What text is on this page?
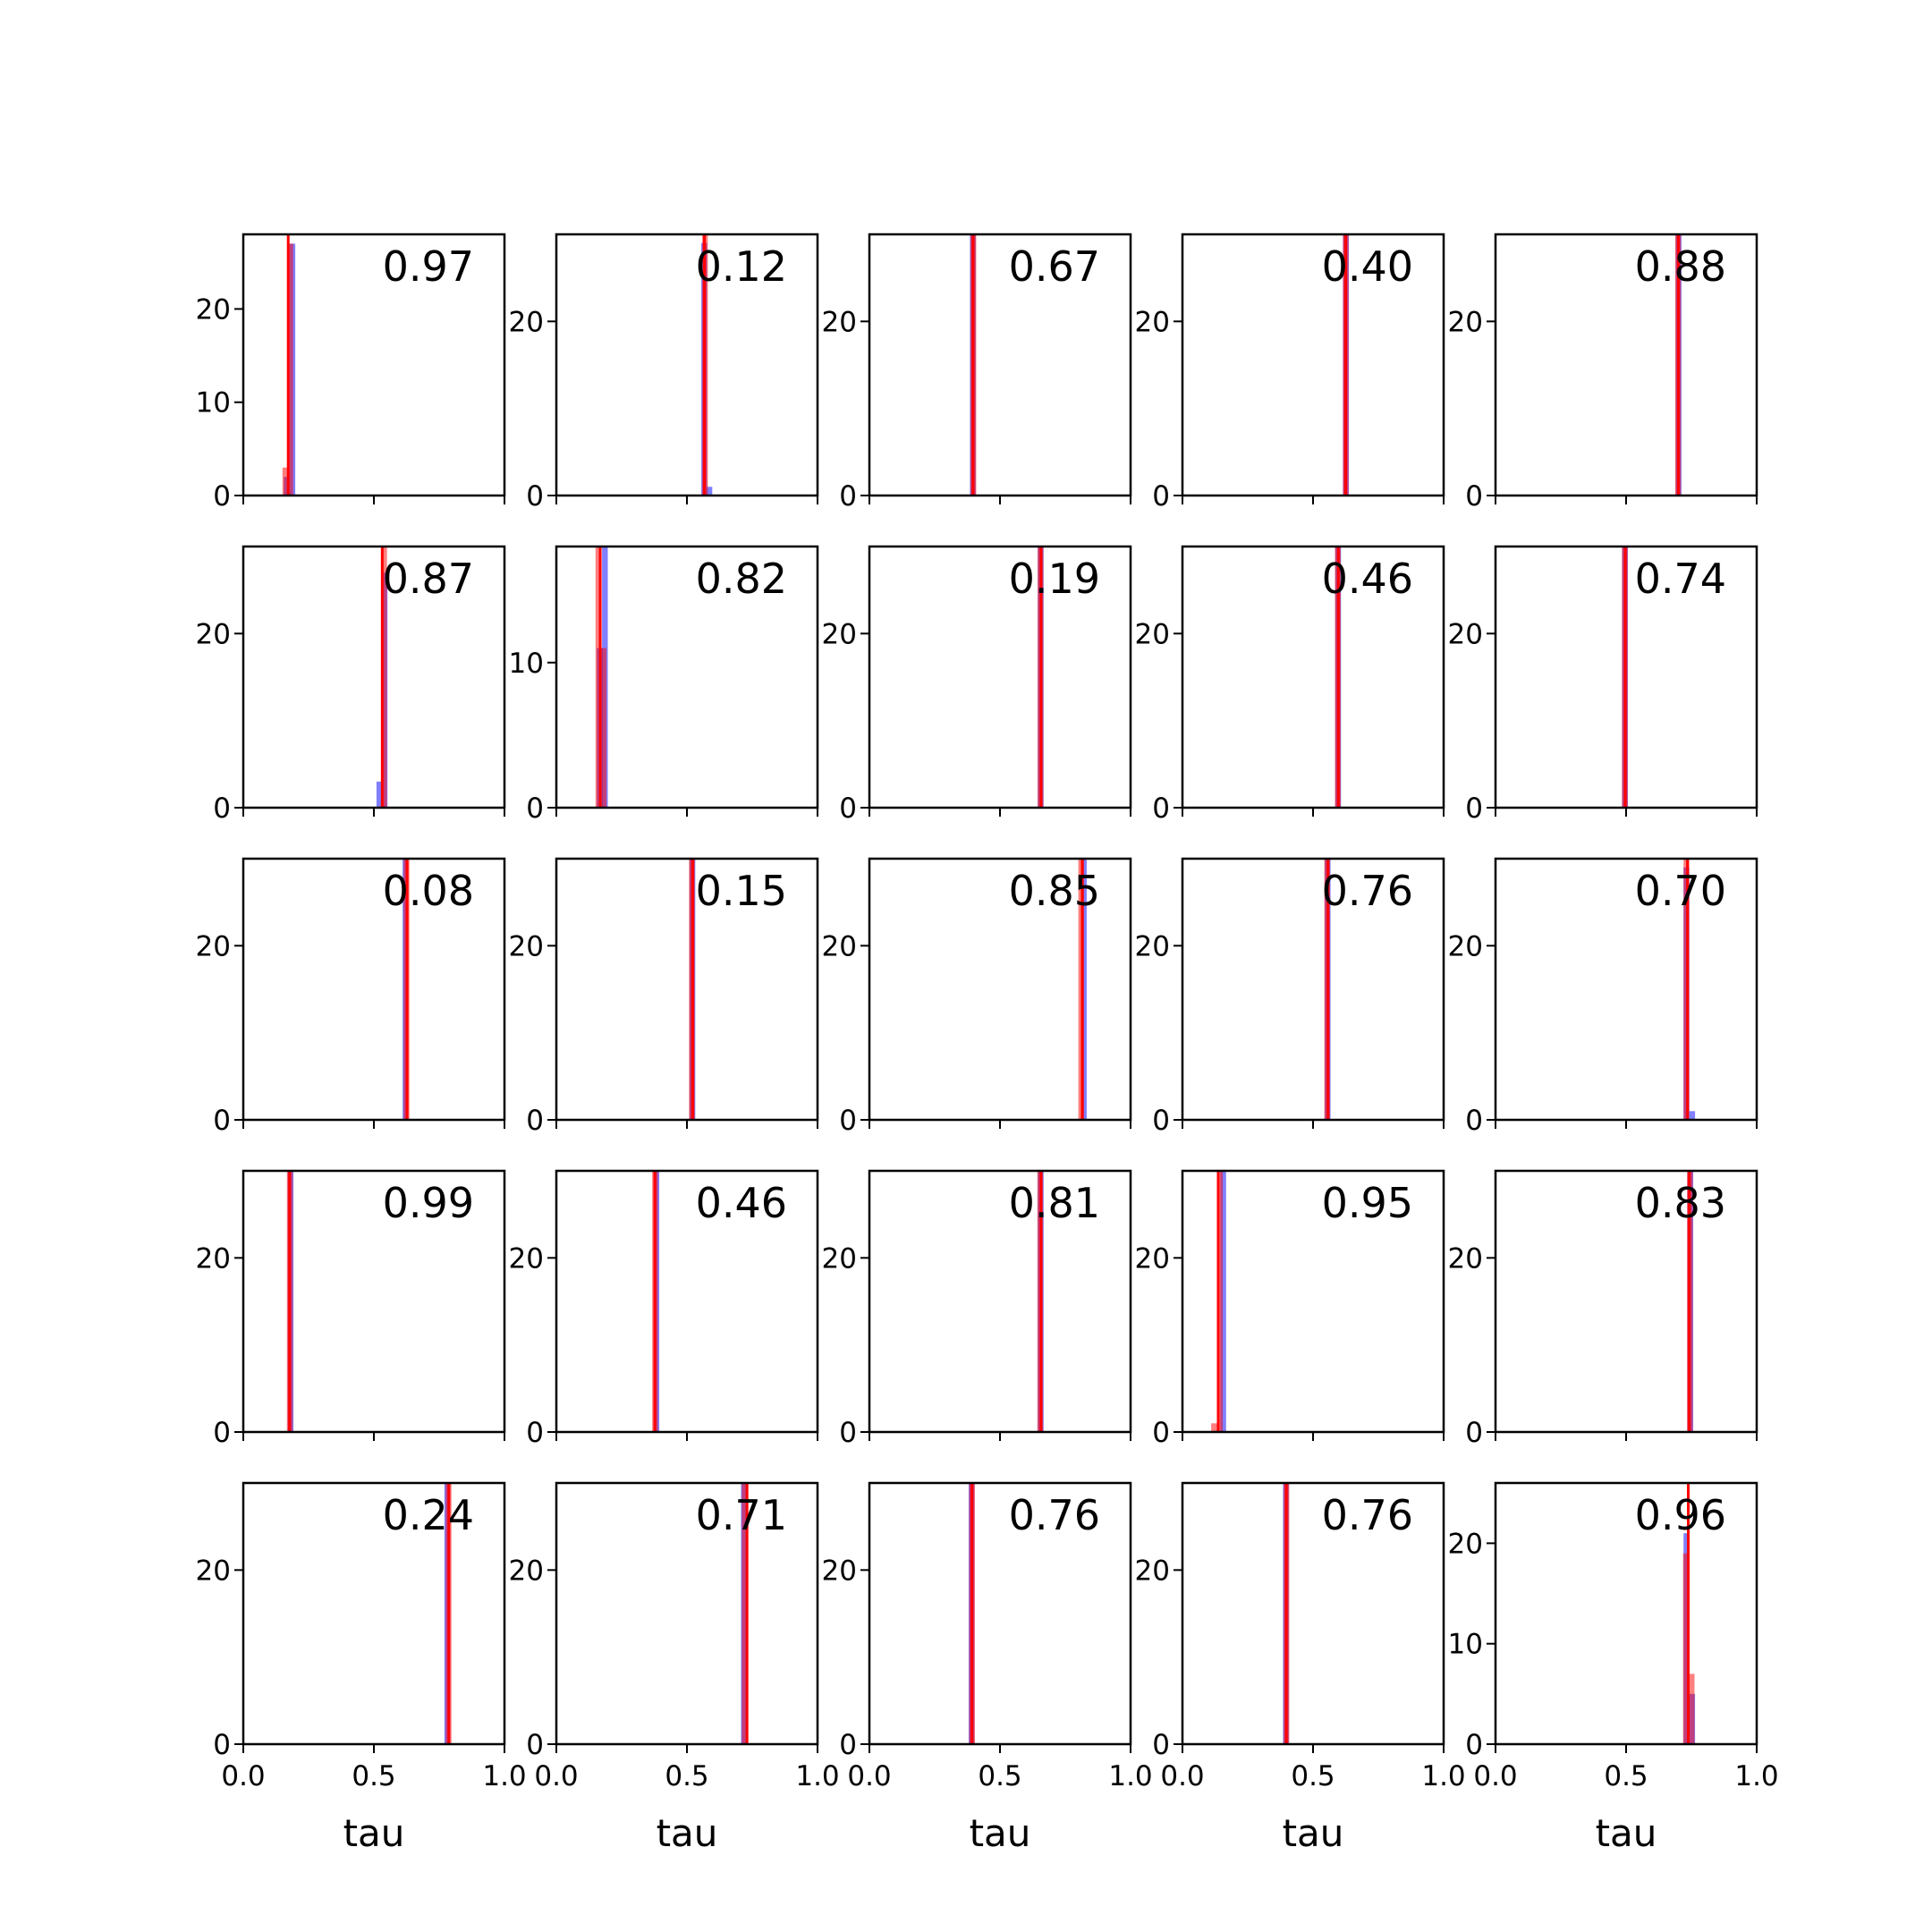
0
10
20
0.97
0
20
0.12
0
20
0.67
0
20
0.40
0
20
0.88
0
20
0.87
0
10
0.82
0
20
0.19
0
20
0.46
0
20
0.74
0
20
0.08
0
20
0.15
0
20
0.85
0
20
0.76
0
20
0.70
0
20
0.99
0
20
0.46
0
20
0.81
0
20
0.95
0
20
0.83
0
20
0.0	0.5	1.0
tau
0.24
0
20
0.0	0.5	1.0
tau
0.71
0
20
0.0	0.5	1.0
tau
0.76
0
20
0.0	0.5	1.0
tau
0.76
0
10
20
0.0	0.5	1.0
tau
0.96
